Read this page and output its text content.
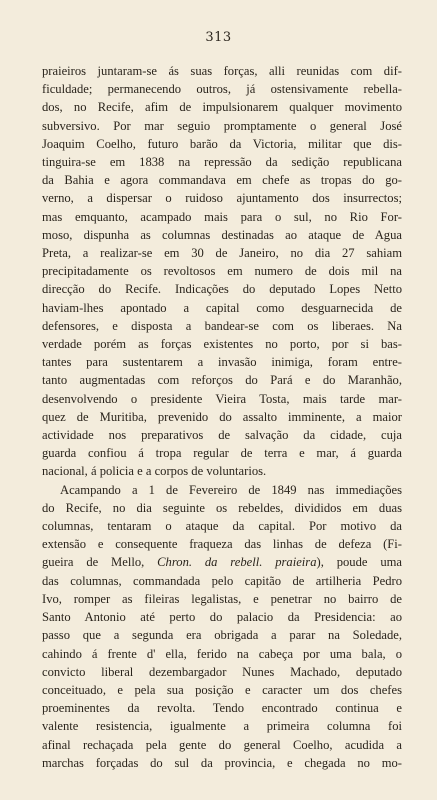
313
praieiros juntaram-se ás suas forças, alli reunidas com dif-
ficuldade; permanecendo outros, já ostensivamente rebella-
dos, no Recife, afim de impulsionarem qualquer movimento
subversivo. Por mar seguio promptamente o general José
Joaquim Coelho, futuro barão da Victoria, militar que dis-
tinguira-se em 1838 na repressão da sedição republicana
da Bahia e agora commandava em chefe as tropas do go-
verno, a dispersar o ruidoso ajuntamento dos insurrectos;
mas emquanto, acampado mais para o sul, no Rio For-
moso, dispunha as columnas destinadas ao ataque de Agua
Preta, a realizar-se em 30 de Janeiro, no dia 27 sahiam
precipitadamente os revoltosos em numero de dois mil na
direcção do Recife. Indicações do deputado Lopes Netto
haviam-lhes apontado a capital como desguarnecida de
defensores, e disposta a bandear-se com os liberaes. Na
verdade porém as forças existentes no porto, por si bas-
tantes para sustentarem a invasão inimiga, foram entre-
tanto augmentadas com reforços do Pará e do Maranhão,
desenvolvendo o presidente Vieira Tosta, mais tarde mar-
quez de Muritiba, prevenido do assalto imminente, a maior
actividade nos preparativos de salvação da cidade, cuja
guarda confiou á tropa regular de terra e mar, á guarda
nacional, á policia e a corpos de voluntarios.
Acampando a 1 de Fevereiro de 1849 nas immediações
do Recife, no dia seguinte os rebeldes, divididos em duas
columnas, tentaram o ataque da capital. Por motivo da
extensão e consequente fraqueza das linhas de defeza (Fi-
gueira de Mello, Chron. da rebell. praieira), poude uma
das columnas, commandada pelo capitão de artilheria Pedro
Ivo, romper as fileiras legalistas, e penetrar no bairro de
Santo Antonio até perto do palacio da Presidencia: ao
passo que a segunda era obrigada a parar na Soledade,
cahindo á frente d' ella, ferido na cabeça por uma bala, o
convicto liberal dezembargador Nunes Machado, deputado
conceituado, e pela sua posição e caracter um dos chefes
proeminentes da revolta. Tendo encontrado continua e
valente resistencia, igualmente a primeira columna foi
afinal rechaçada pela gente do general Coelho, acudida a
marchas forçadas do sul da provincia, e chegada no mo-
